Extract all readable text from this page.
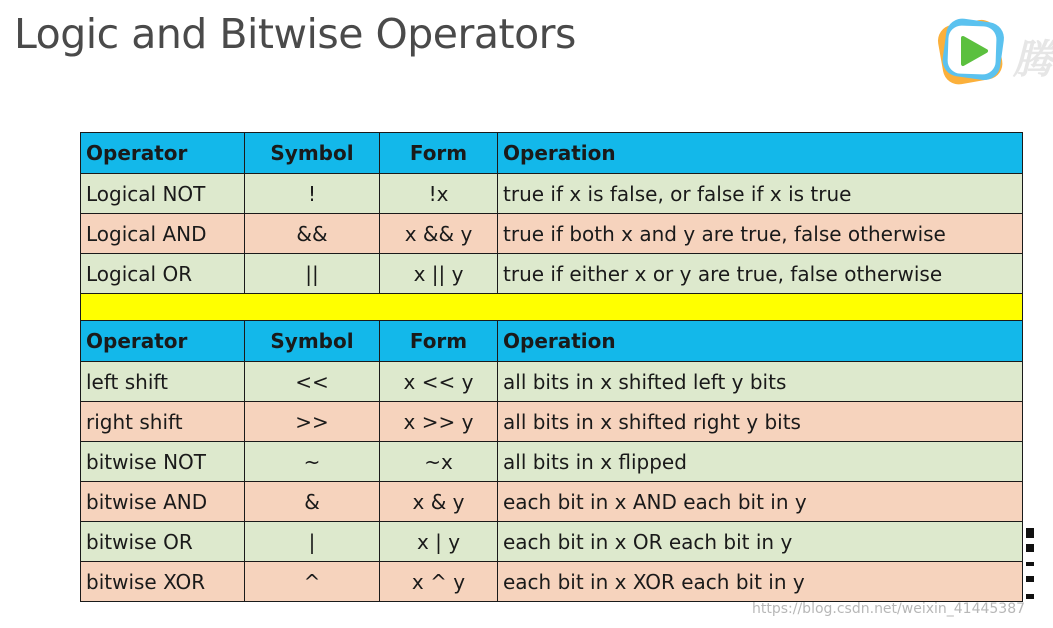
Logic and Bitwise Operators
腾
Operator	Symbol	Form	Operation
Logical NOT	!	!x	true if x is false, or false if x is true
Logical AND	&&	x && y	true if both x and y are true, false otherwise
Logical OR	||	x || y	true if either x or y are true, false otherwise

Operator	Symbol	Form	Operation
left shift	<<	x << y	all bits in x shifted left y bits
right shift	>>	x >> y	all bits in x shifted right y bits
bitwise NOT	~	~x	all bits in x flipped
bitwise AND	&	x & y	each bit in x AND each bit in y
bitwise OR	|	x | y	each bit in x OR each bit in y
bitwise XOR	^	x ^ y	each bit in x XOR each bit in y
https://blog.csdn.net/weixin_41445387
